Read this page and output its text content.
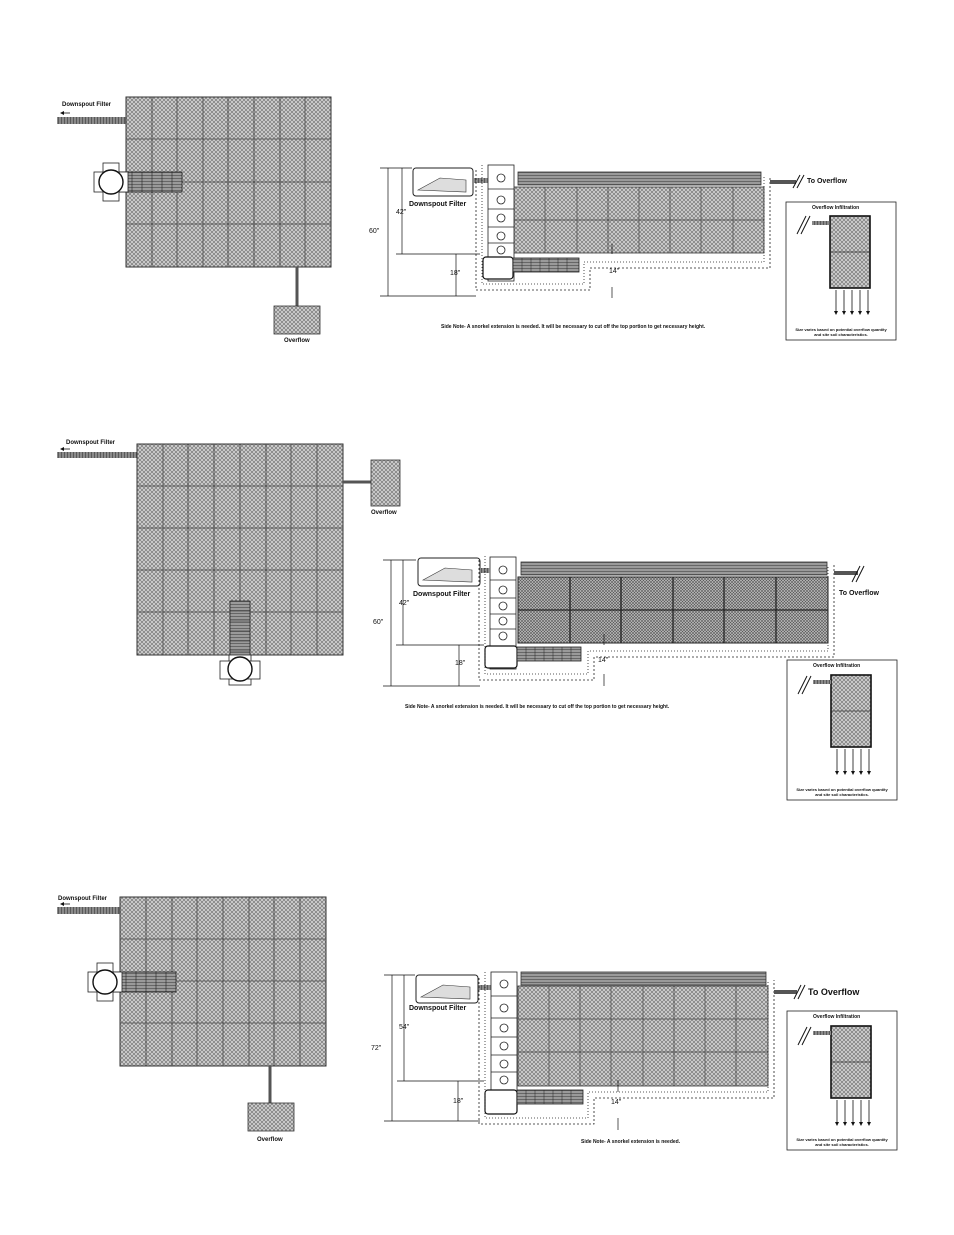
Downspout Filter
Overflow
To Overflow
Downspout Filter	Overflow Infiltration
Size varies based on potential overflow quantity
and site soil characteristics.
60"
42"
18"	14"
Side Note- A snorkel extension is needed. It will be necessary to cut off the top portion to get necessary height.
Downspout Filter
Overflow
To Overflow
Downspout Filter
Overflow Infiltration
Size varies based on potential overflow quantity
and site soil characteristics.
60"
42"
18"	14"
Side Note- A snorkel extension is needed. It will be necessary to cut off the top portion to get necessary height.
Downspout Filter
Overflow
To Overflow
Downspout Filter
Overflow Infiltration
Size varies based on potential overflow quantity
and site soil characteristics.
72"
54"
18"	14"
Side Note- A snorkel extension is needed.
